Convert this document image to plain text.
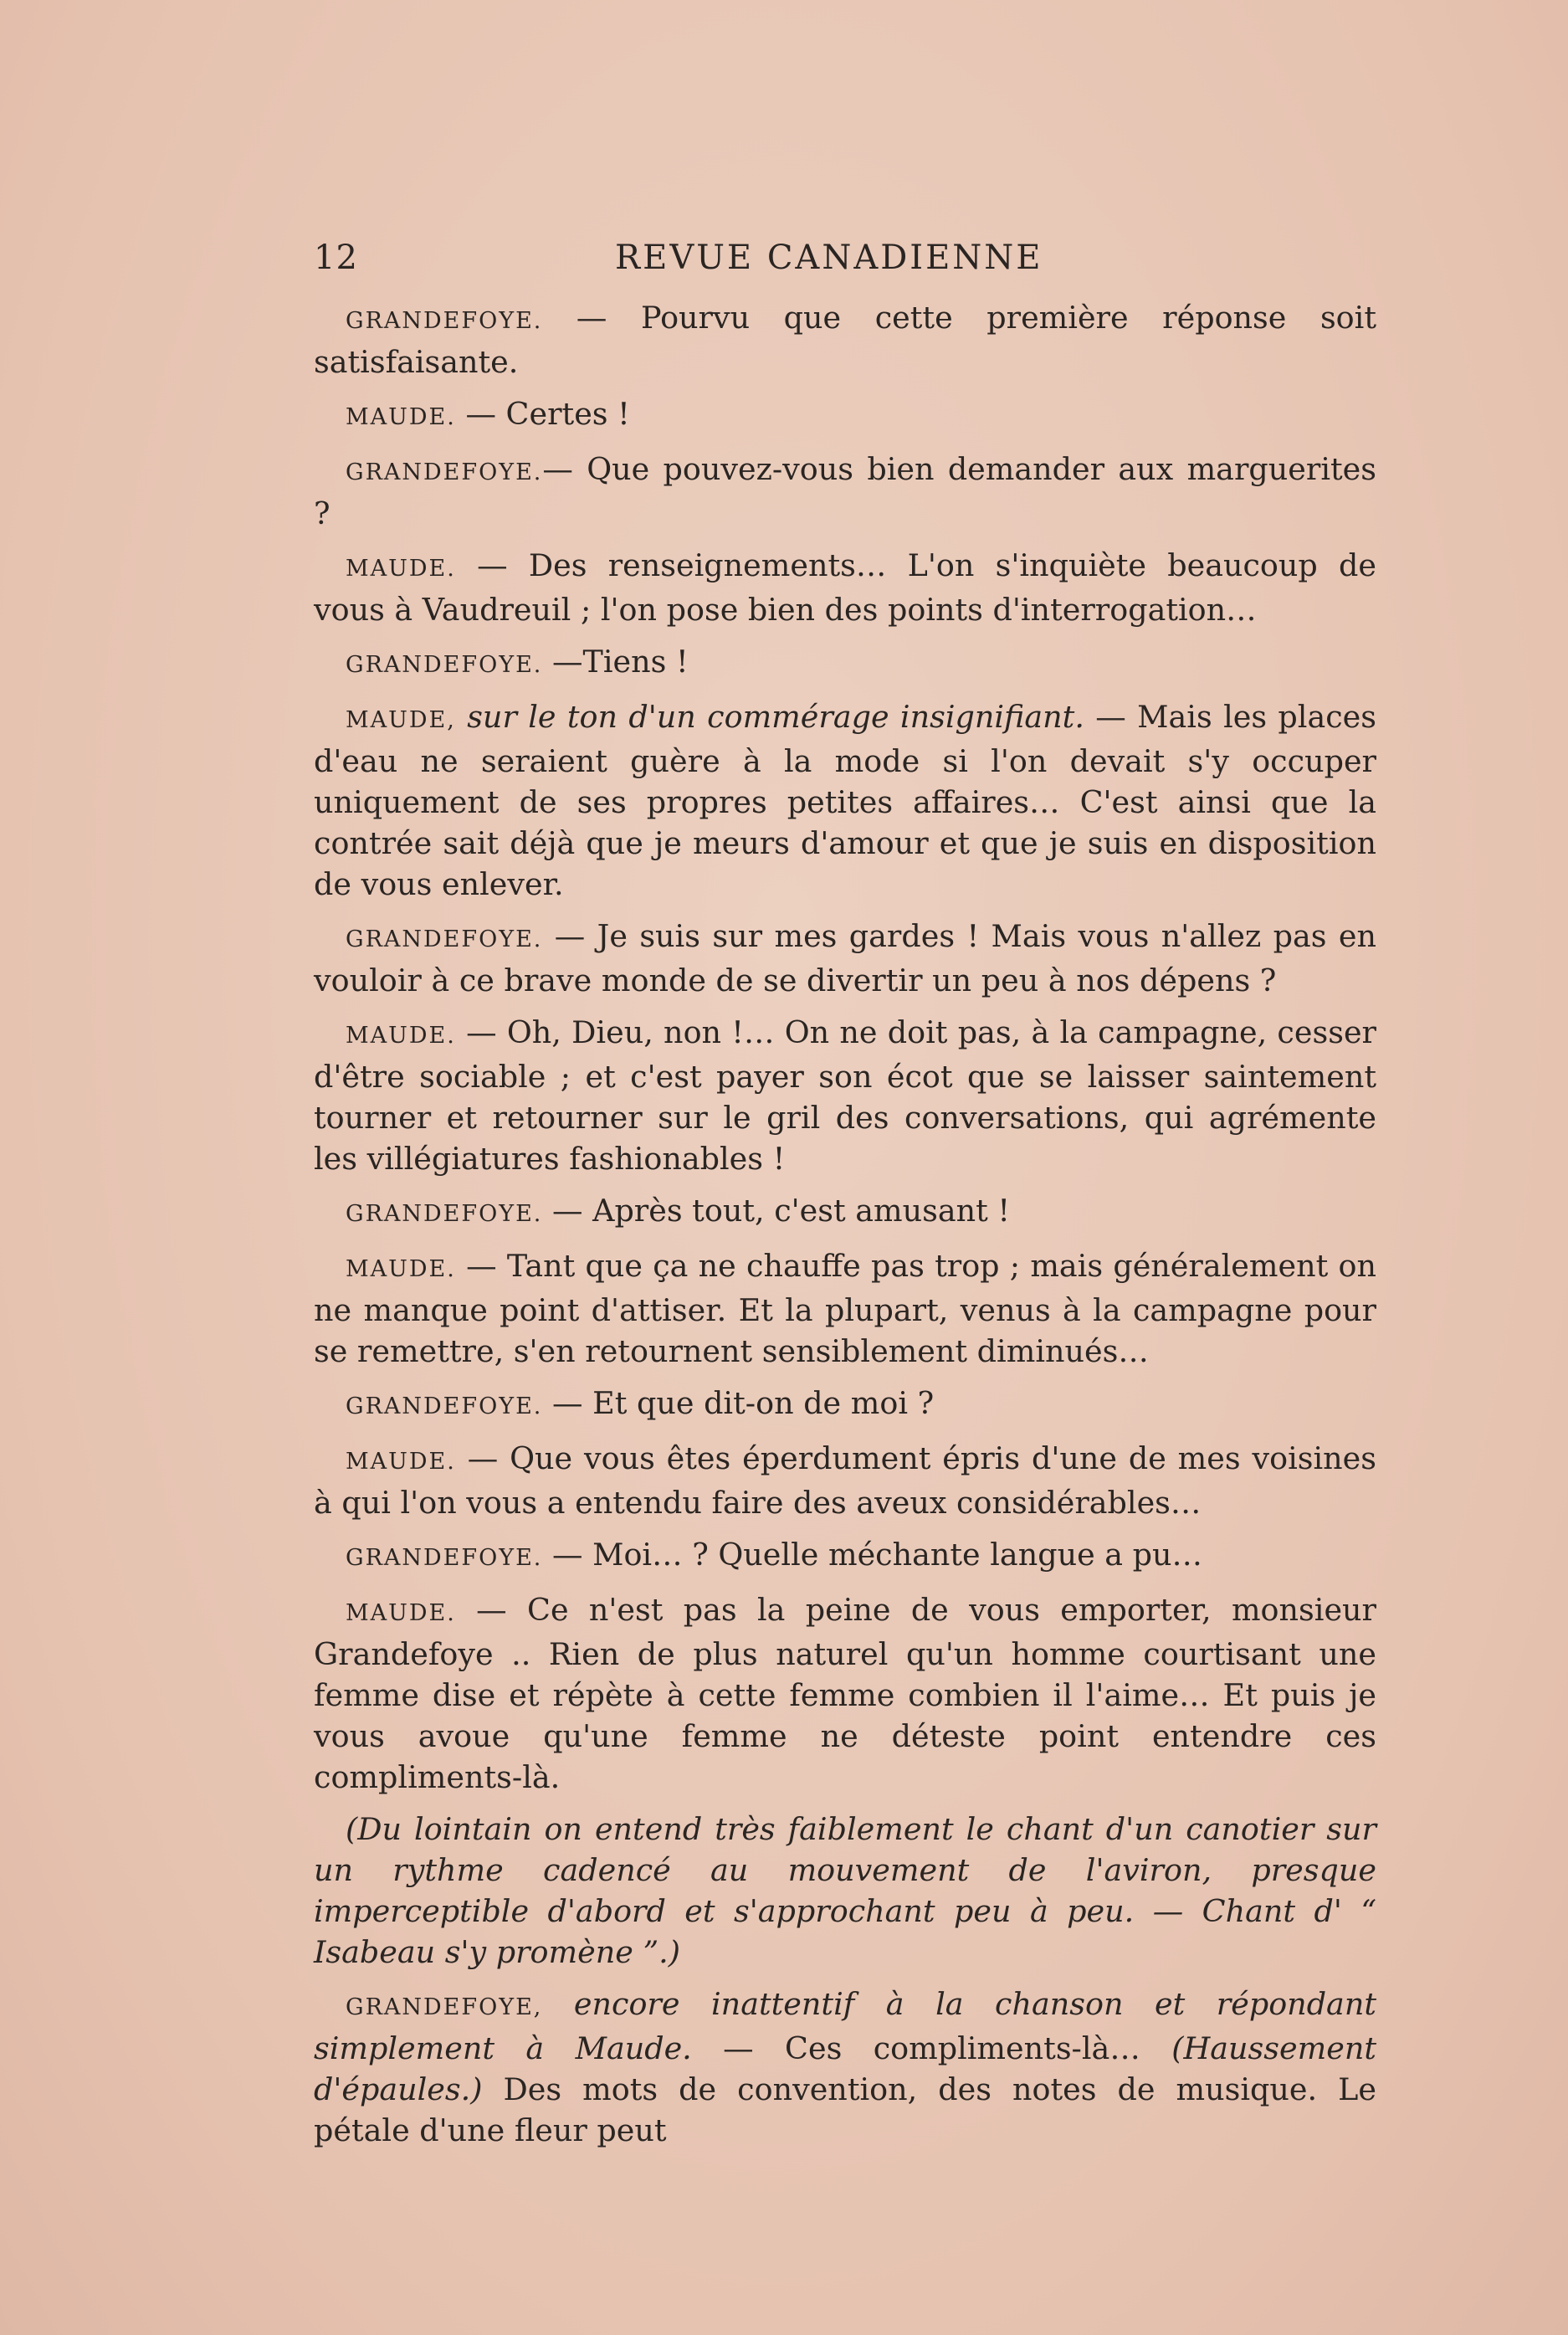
12	REVUE CANADIENNE

GRANDEFOYE. — Pourvu que cette première réponse soit satisfaisante.

MAUDE. — Certes !

GRANDEFOYE.— Que pouvez-vous bien demander aux marguerites ?

MAUDE. — Des renseignements… L'on s'inquiète beaucoup de vous à Vaudreuil ; l'on pose bien des points d'interrogation…

GRANDEFOYE. —Tiens !

MAUDE, sur le ton d'un commérage insignifiant. — Mais les places d'eau ne seraient guère à la mode si l'on devait s'y occuper uniquement de ses propres petites affaires… C'est ainsi que la contrée sait déjà que je meurs d'amour et que je suis en disposition de vous enlever.

GRANDEFOYE. — Je suis sur mes gardes ! Mais vous n'allez pas en vouloir à ce brave monde de se divertir un peu à nos dépens ?

MAUDE. — Oh, Dieu, non !… On ne doit pas, à la campagne, cesser d'être sociable ; et c'est payer son écot que se laisser saintement tourner et retourner sur le gril des conversations, qui agrémente les villégiatures fashionables !

GRANDEFOYE. — Après tout, c'est amusant !

MAUDE. — Tant que ça ne chauffe pas trop ; mais généralement on ne manque point d'attiser. Et la plupart, venus à la campagne pour se remettre, s'en retournent sensiblement diminués…

GRANDEFOYE. — Et que dit-on de moi ?

MAUDE. — Que vous êtes éperdument épris d'une de mes voisines à qui l'on vous a entendu faire des aveux considérables…

GRANDEFOYE. — Moi… ? Quelle méchante langue a pu…

MAUDE. — Ce n'est pas la peine de vous emporter, monsieur Grandefoye .. Rien de plus naturel qu'un homme courtisant une femme dise et répète à cette femme combien il l'aime… Et puis je vous avoue qu'une femme ne déteste point entendre ces compliments-là.

(Du lointain on entend très faiblement le chant d'un canotier sur un rythme cadencé au mouvement de l'aviron, presque imperceptible d'abord et s'approchant peu à peu. — Chant d' “ Isabeau s'y promène ”.)

GRANDEFOYE, encore inattentif à la chanson et répondant simplement à Maude. — Ces compliments-là… (Haussement d'épaules.) Des mots de convention, des notes de musique. Le pétale d'une fleur peut
